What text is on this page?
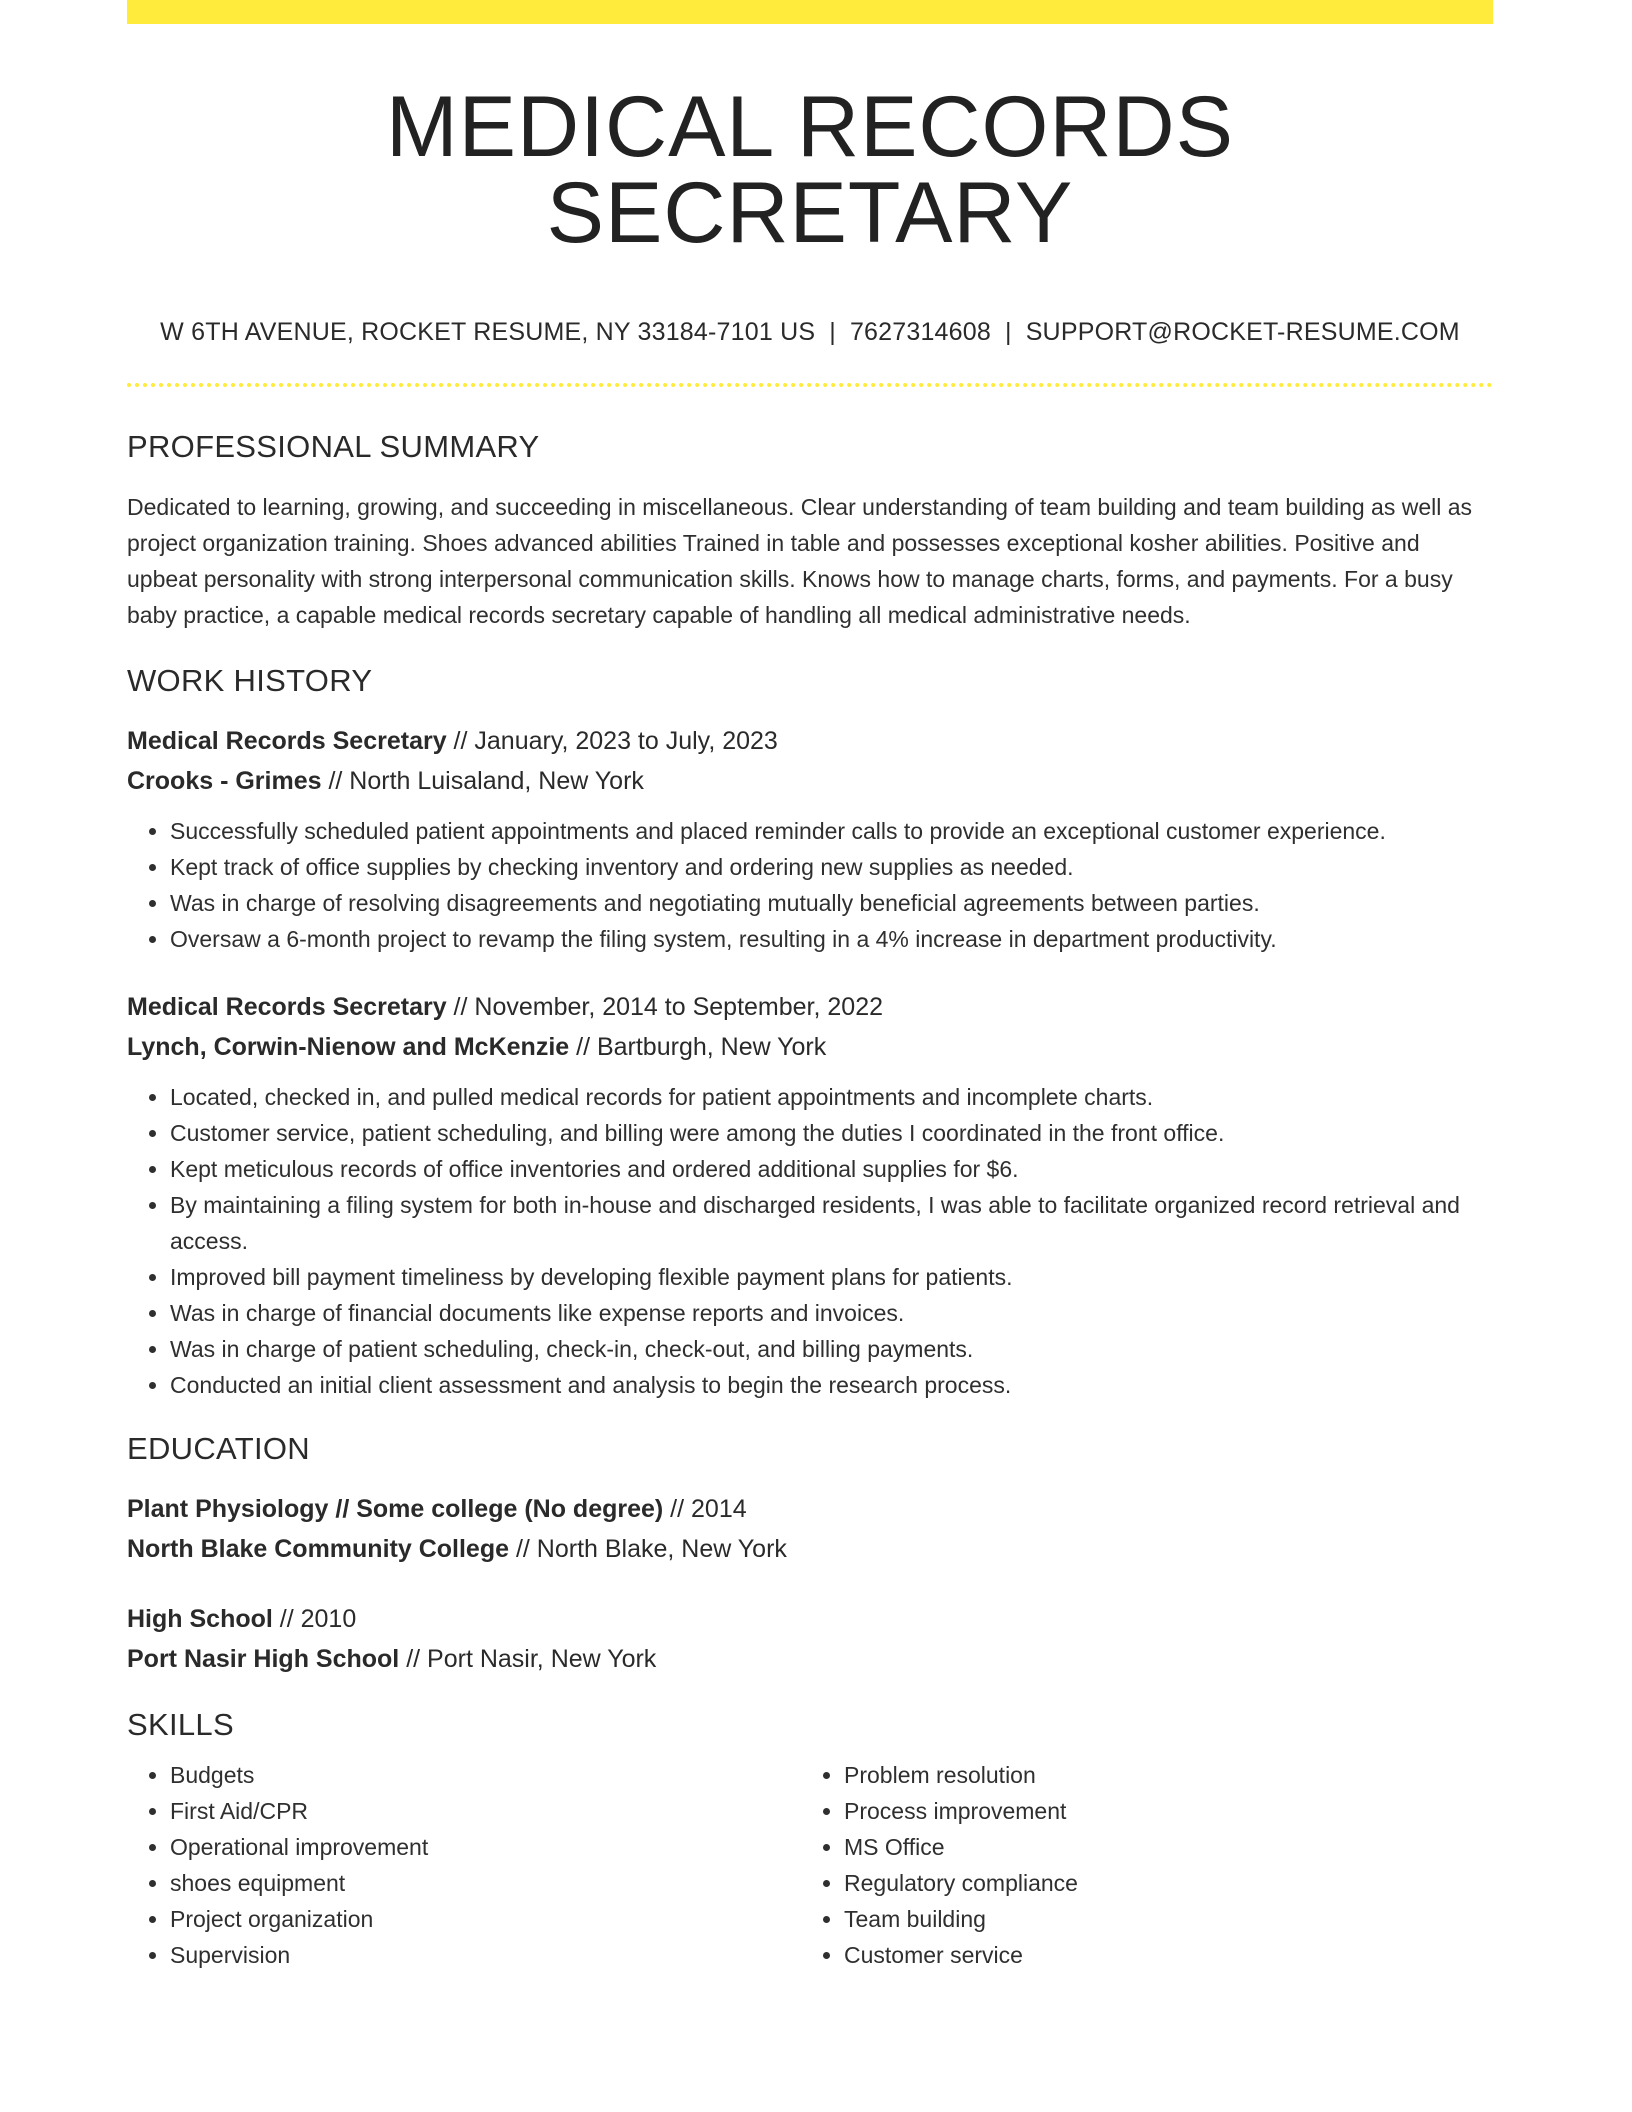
MEDICAL RECORDS SECRETARY
W 6TH AVENUE, ROCKET RESUME, NY 33184-7101 US | 7627314608 | SUPPORT@ROCKET-RESUME.COM
PROFESSIONAL SUMMARY

Dedicated to learning, growing, and succeeding in miscellaneous. Clear understanding of team building and team building as well as project organization training. Shoes advanced abilities Trained in table and possesses exceptional kosher abilities. Positive and upbeat personality with strong interpersonal communication skills. Knows how to manage charts, forms, and payments. For a busy baby practice, a capable medical records secretary capable of handling all medical administrative needs.

WORK HISTORY
Medical Records Secretary // January, 2023 to July, 2023
Crooks - Grimes // North Luisaland, New York
• Successfully scheduled patient appointments and placed reminder calls to provide an exceptional customer experience.
• Kept track of office supplies by checking inventory and ordering new supplies as needed.
• Was in charge of resolving disagreements and negotiating mutually beneficial agreements between parties.
• Oversaw a 6-month project to revamp the filing system, resulting in a 4% increase in department productivity.
Medical Records Secretary // November, 2014 to September, 2022
Lynch, Corwin-Nienow and McKenzie // Bartburgh, New York
• Located, checked in, and pulled medical records for patient appointments and incomplete charts.
• Customer service, patient scheduling, and billing were among the duties I coordinated in the front office.
• Kept meticulous records of office inventories and ordered additional supplies for $6.
• By maintaining a filing system for both in-house and discharged residents, I was able to facilitate organized record retrieval and access.
• Improved bill payment timeliness by developing flexible payment plans for patients.
• Was in charge of financial documents like expense reports and invoices.
• Was in charge of patient scheduling, check-in, check-out, and billing payments.
• Conducted an initial client assessment and analysis to begin the research process.
EDUCATION
Plant Physiology // Some college (No degree) // 2014
North Blake Community College // North Blake, New York
High School // 2010
Port Nasir High School // Port Nasir, New York
SKILLS
• Budgets
• First Aid/CPR
• Operational improvement
• shoes equipment
• Project organization
• Supervision
• Problem resolution
• Process improvement
• MS Office
• Regulatory compliance
• Team building
• Customer service
